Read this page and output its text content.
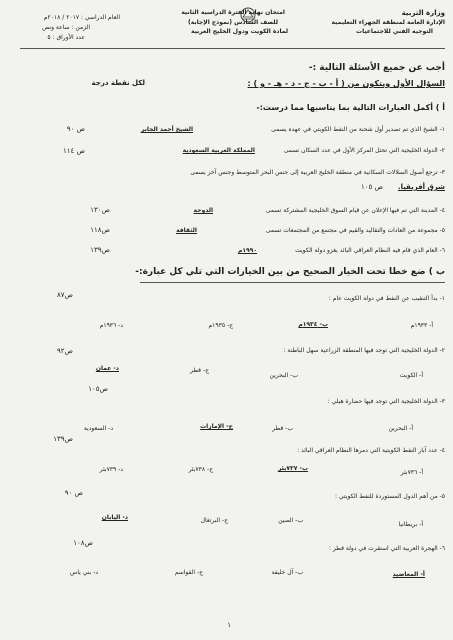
وزارة التربية
الإدارة العامة لمنطقة الجهراء التعليمية
التوجيه الفني للاجتماعيات
امتحان نهاية الفترة الدراسية الثانية
للصف السادس (نموذج الإجابة)
لمادة الكويت ودول الخليج العربية
العام الدراسي : ٢٠١٧ / ٢٠١٨م
الزمن : ساعة ونص
عدد الأوراق : ٥
أجب عن جميع الأسئلة التالية :-
السؤال الأول ويتكون من ( أ - ب - ج - د - هـ - و ) :
لكل نقطة درجة
أ ) أكمل العبارات التالية بما يناسبها مما درست:-
١- الشيخ الذي تم تصدير أول شحنة من النفط الكويتي في عهده يسمى
الشيخ أحمد الجابر
ص ٩٠
٢- الدولة الخليجية التي تحتل المركز الأول في عدد السكان تسمى
المملكة العربية السعودية
ص ١١٤
٣- ترجع أصول السلالات السكانية في منطقة الخليج العربية إلى جنس البحر المتوسط وجنس آخر يسمى
شرق أفريقيا.
ص ١٠٥
٤- المدينة التي تم فيها الإعلان عن قيام السوق الخليجية المشتركة تسمى
الدوحة
ص١٣٠
٥- مجموعة من العادات والتقاليد والقيم في مجتمع من المجتمعات تسمى
الثقافة
ص١١٨
٦- العام الذي قام فيه النظام العراقي البائد بغزو دولة الكويت
١٩٩٠م
ص١٣٩
ب ) ضع خطا تحت الخيار الصحيح من بين الخيارات التي تلي كل عبارة:-
١- بدأ التنقيب عن النفط في دولة الكويت عام :
ص٨٧
أ- ١٩٣٣م
ب- ١٩٣٤م
ج- ١٩٣٥م
د- ١٩٣٦م
٢- الدولة الخليجية التي توجد فيها المنطقة الزراعية سهل الباطنة :
ص٩٢
أ- الكويت
ب- البحرين
ج- قطر
د- عمان
٣- الدولة الخليجية التي توجد فيها حضارة هيلي :
ص١٠٥
أ- البحرين
ب- قطر
ج- الإمارات
د- السعودية
٤- عدد آبار النفط الكويتية التي دمرها النظام العراقي البائد :
ص١٣٩
أ- ٧٣٦بئر
ب- ٧٣٧بئر
ج- ٧٣٨بئر
د- ٧٣٩بئر
٥- من أهم الدول المستوردة للنفط الكويتي :
ص ٩٠
أ- بريطانيا
ب- الصين
ج- البرتغال
د- اليابان
٦- الهجرة العربية التي استقرت في دولة قطر :
ص١٠٨
أ- المعاضيد
ب- آل خليفة
ج- القواسم
د- بني ياس
١
